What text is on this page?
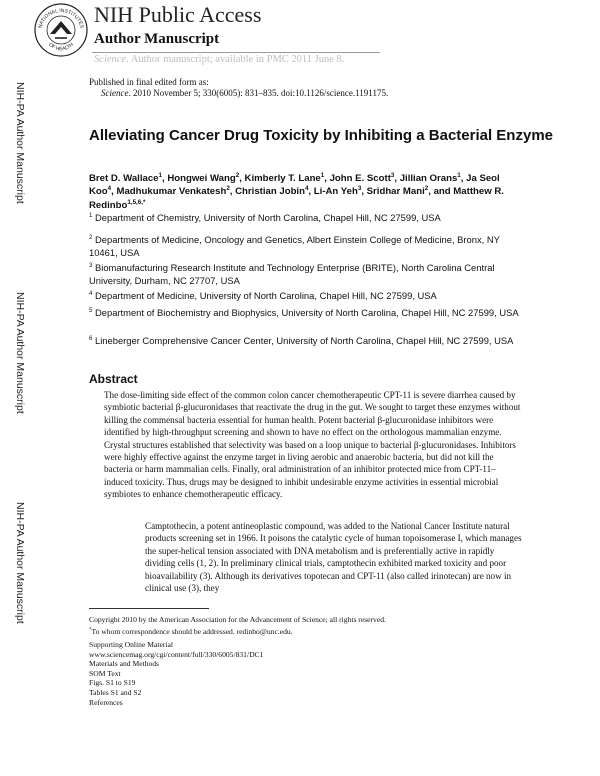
NIH-PA Author Manuscript
NIH-PA Author Manuscript
NIH-PA Author Manuscript
NATIONAL INSTITUTES
OF HEALTH
NIH Public Access
Author Manuscript
Science. Author manuscript; available in PMC 2011 June 8.
Published in final edited form as:
Science. 2010 November 5; 330(6005): 831–835. doi:10.1126/science.1191175.
Alleviating Cancer Drug Toxicity by Inhibiting a Bacterial Enzyme
Bret D. Wallace$^1$, Hongwei Wang$^2$, Kimberly T. Lane$^1$, John E. Scott$^3$, Jillian Orans$^1$, Ja Seol Koo$^4$, Madhukumar Venkatesh$^2$, Christian Jobin$^4$, Li-An Yeh$^3$, Sridhar Mani$^2$, and Matthew R. Redinbo$^{1,5,6,*}$
$^1$ Department of Chemistry, University of North Carolina, Chapel Hill, NC 27599, USA
$^2$ Departments of Medicine, Oncology and Genetics, Albert Einstein College of Medicine, Bronx, NY 10461, USA
$^3$ Biomanufacturing Research Institute and Technology Enterprise (BRITE), North Carolina Central University, Durham, NC 27707, USA
$^4$ Department of Medicine, University of North Carolina, Chapel Hill, NC 27599, USA
$^5$ Department of Biochemistry and Biophysics, University of North Carolina, Chapel Hill, NC 27599, USA
$^6$ Lineberger Comprehensive Cancer Center, University of North Carolina, Chapel Hill, NC 27599, USA
Abstract
The dose-limiting side effect of the common colon cancer chemotherapeutic CPT-11 is severe diarrhea caused by symbiotic bacterial β-glucuronidases that reactivate the drug in the gut. We sought to target these enzymes without killing the commensal bacteria essential for human health. Potent bacterial β-glucuronidase inhibitors were identified by high-throughput screening and shown to have no effect on the orthologous mammalian enzyme. Crystal structures established that selectivity was based on a loop unique to bacterial β-glucuronidases. Inhibitors were highly effective against the enzyme target in living aerobic and anaerobic bacteria, but did not kill the bacteria or harm mammalian cells. Finally, oral administration of an inhibitor protected mice from CPT-11–induced toxicity. Thus, drugs may be designed to inhibit undesirable enzyme activities in essential microbial symbiotes to enhance chemotherapeutic efficacy.
Camptothecin, a potent antineoplastic compound, was added to the National Cancer Institute natural products screening set in 1966. It poisons the catalytic cycle of human topoisomerase I, which manages the super-helical tension associated with DNA metabolism and is preferentially active in rapidly dividing cells (1, 2). In preliminary clinical trials, camptothecin exhibited marked toxicity and poor bioavailability (3). Although its derivatives topotecan and CPT-11 (also called irinotecan) are now in clinical use (3), they
Copyright 2010 by the American Association for the Advancement of Science; all rights reserved.
*To whom correspondence should be addressed. redinbo@unc.edu.
Supporting Online Material
www.sciencemag.org/cgi/content/full/330/6005/831/DC1
Materials and Methods
SOM Text
Figs. S1 to S19
Tables S1 and S2
References
